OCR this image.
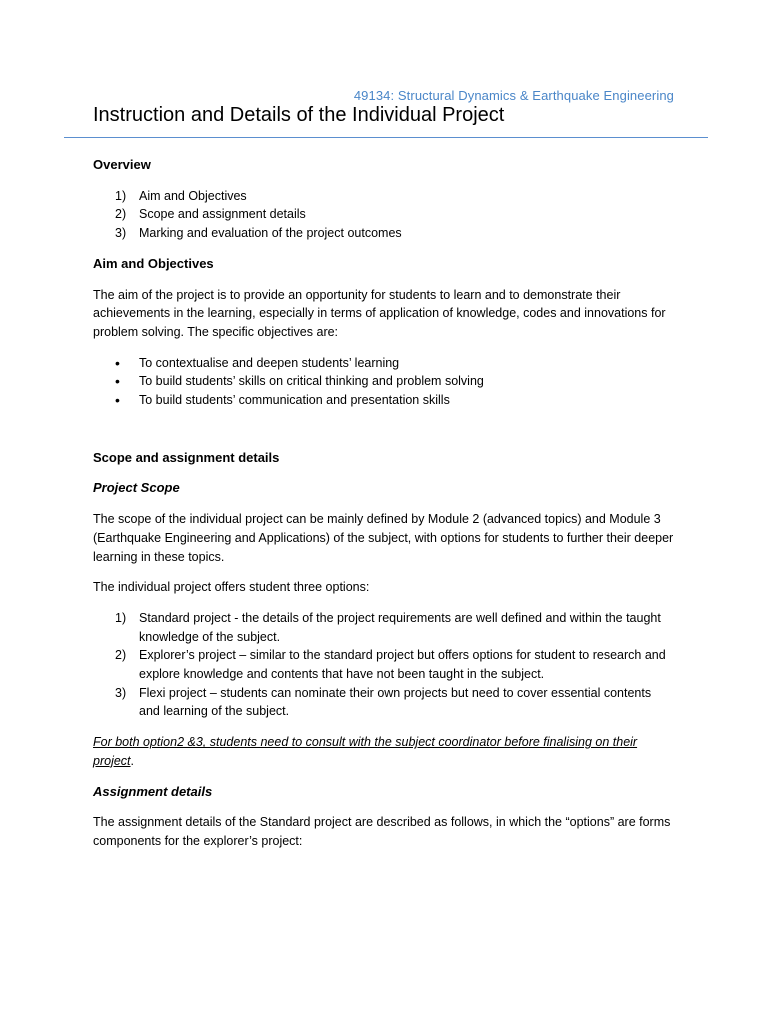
49134: Structural Dynamics & Earthquake Engineering
Instruction and Details of the Individual Project
Overview
1) Aim and Objectives
2) Scope and assignment details
3) Marking and evaluation of the project outcomes
Aim and Objectives

The aim of the project is to provide an opportunity for students to learn and to demonstrate their achievements in the learning, especially in terms of application of knowledge, codes and innovations for problem solving. The specific objectives are:

• To contextualise and deepen students’ learning
• To build students’ skills on critical thinking and problem solving
• To build students’ communication and presentation skills
Scope and assignment details
Project Scope

The scope of the individual project can be mainly defined by Module 2 (advanced topics) and Module 3 (Earthquake Engineering and Applications) of the subject, with options for students to further their deeper learning in these topics.

The individual project offers student three options:

1) Standard project - the details of the project requirements are well defined and within the taught knowledge of the subject.
2) Explorer’s project – similar to the standard project but offers options for student to research and explore knowledge and contents that have not been taught in the subject.
3) Flexi project – students can nominate their own projects but need to cover essential contents and learning of the subject.

For both option2 &3, students need to consult with the subject coordinator before finalising on their project.

Assignment details

The assignment details of the Standard project are described as follows, in which the “options” are forms components for the explorer’s project:
